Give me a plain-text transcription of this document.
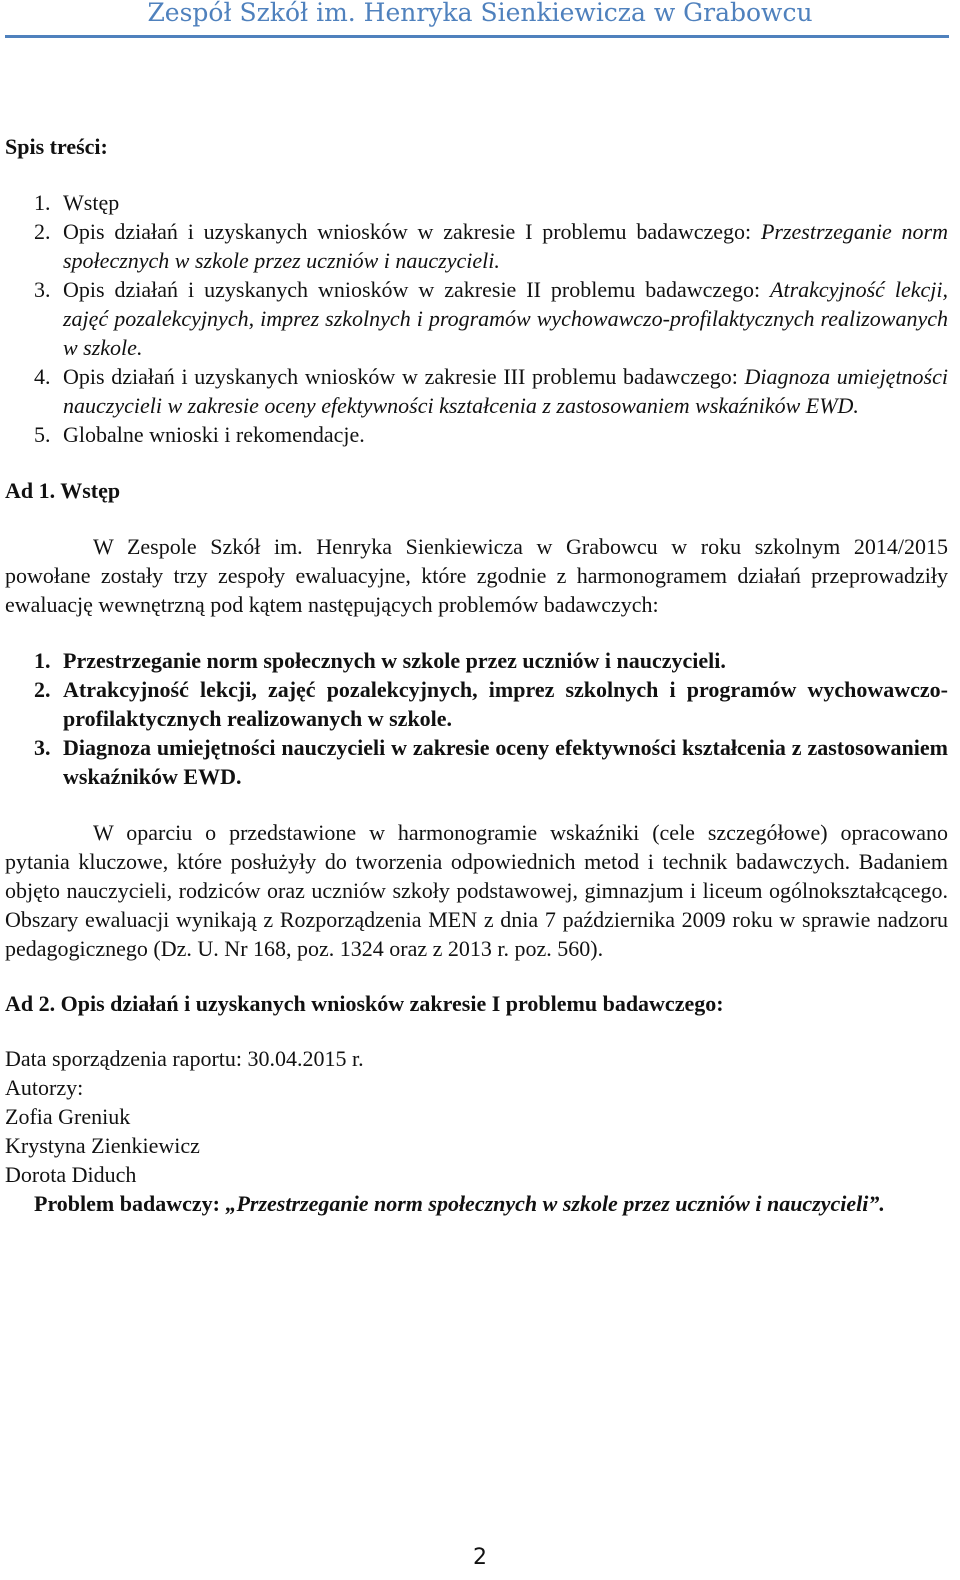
Zespół Szkół im. Henryka Sienkiewicza w Grabowcu

Spis treści:

1. Wstęp
2. Opis działań i uzyskanych wniosków w zakresie I problemu badawczego: Przestrzeganie norm społecznych w szkole przez uczniów i nauczycieli.
3. Opis działań i uzyskanych wniosków w zakresie II problemu badawczego: Atrakcyjność lekcji, zajęć pozalekcyjnych, imprez szkolnych i programów wychowawczo-profilaktycznych realizowanych w szkole.
4. Opis działań i uzyskanych wniosków w zakresie III problemu badawczego: Diagnoza umiejętności nauczycieli w zakresie oceny efektywności kształcenia z zastosowaniem wskaźników EWD.
5. Globalne wnioski i rekomendacje.

Ad 1. Wstęp

W Zespole Szkół im. Henryka Sienkiewicza w Grabowcu w roku szkolnym 2014/2015 powołane zostały trzy zespoły ewaluacyjne, które zgodnie z harmonogramem działań przeprowadziły ewaluację wewnętrzną pod kątem następujących problemów badawczych:

1. Przestrzeganie norm społecznych w szkole przez uczniów i nauczycieli.
2. Atrakcyjność lekcji, zajęć pozalekcyjnych, imprez szkolnych i programów wychowawczo-profilaktycznych realizowanych w szkole.
3. Diagnoza umiejętności nauczycieli w zakresie oceny efektywności kształcenia z zastosowaniem wskaźników EWD.

W oparciu o przedstawione w harmonogramie wskaźniki (cele szczegółowe) opracowano pytania kluczowe, które posłużyły do tworzenia odpowiednich metod i technik badawczych. Badaniem objęto nauczycieli, rodziców oraz uczniów szkoły podstawowej, gimnazjum i liceum ogólnokształcącego. Obszary ewaluacji wynikają z Rozporządzenia MEN z dnia 7 października 2009 roku w sprawie nadzoru pedagogicznego (Dz. U. Nr 168, poz. 1324 oraz z 2013 r. poz. 560).

Ad 2. Opis działań i uzyskanych wniosków zakresie I problemu badawczego:

Data sporządzenia raportu: 30.04.2015 r.
Autorzy:
Zofia Greniuk
Krystyna Zienkiewicz
Dorota Diduch

Problem badawczy: „Przestrzeganie norm społecznych w szkole przez uczniów i nauczycieli”.

2
